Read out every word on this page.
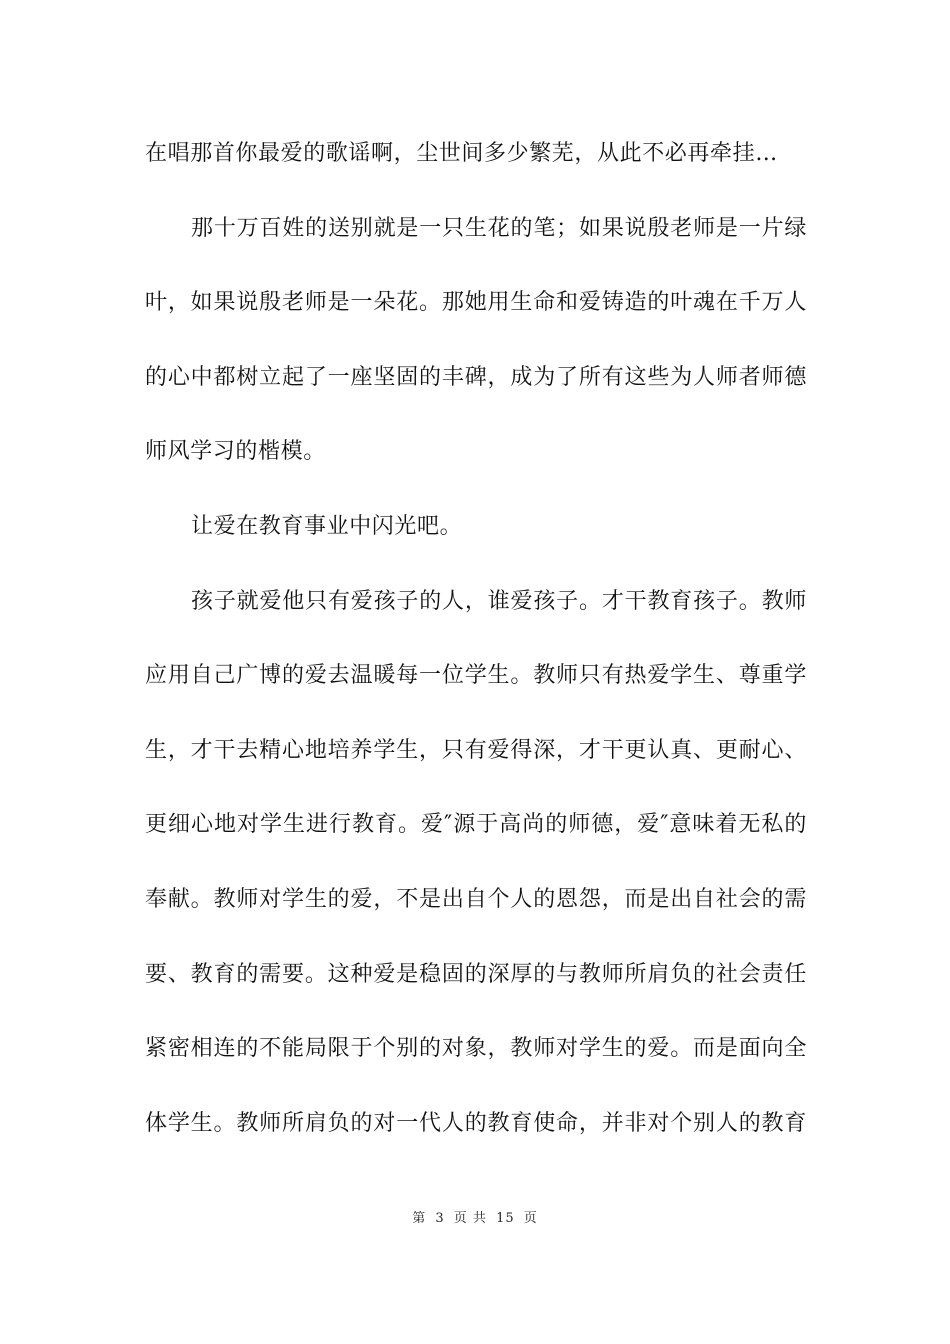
在唱那首你最爱的歌谣啊，尘世间多少繁芜，从此不必再牵挂…
那十万百姓的送别就是一只生花的笔；如果说殷老师是一片绿
叶，如果说殷老师是一朵花。那她用生命和爱铸造的叶魂在千万人
的心中都树立起了一座坚固的丰碑，成为了所有这些为人师者师德
师风学习的楷模。
让爱在教育事业中闪光吧。
孩子就爱他只有爱孩子的人，谁爱孩子。才干教育孩子。教师
应用自己广博的爱去温暖每一位学生。教师只有热爱学生、尊重学
生，才干去精心地培养学生，只有爱得深，才干更认真、更耐心、
更细心地对学生进行教育。爱″源于高尚的师德，爱″意味着无私的
奉献。教师对学生的爱，不是出自个人的恩怨，而是出自社会的需
要、教育的需要。这种爱是稳固的深厚的与教师所肩负的社会责任
紧密相连的不能局限于个别的对象，教师对学生的爱。而是面向全
体学生。教师所肩负的对一代人的教育使命，并非对个别人的教育
第 3 页 共 15 页
